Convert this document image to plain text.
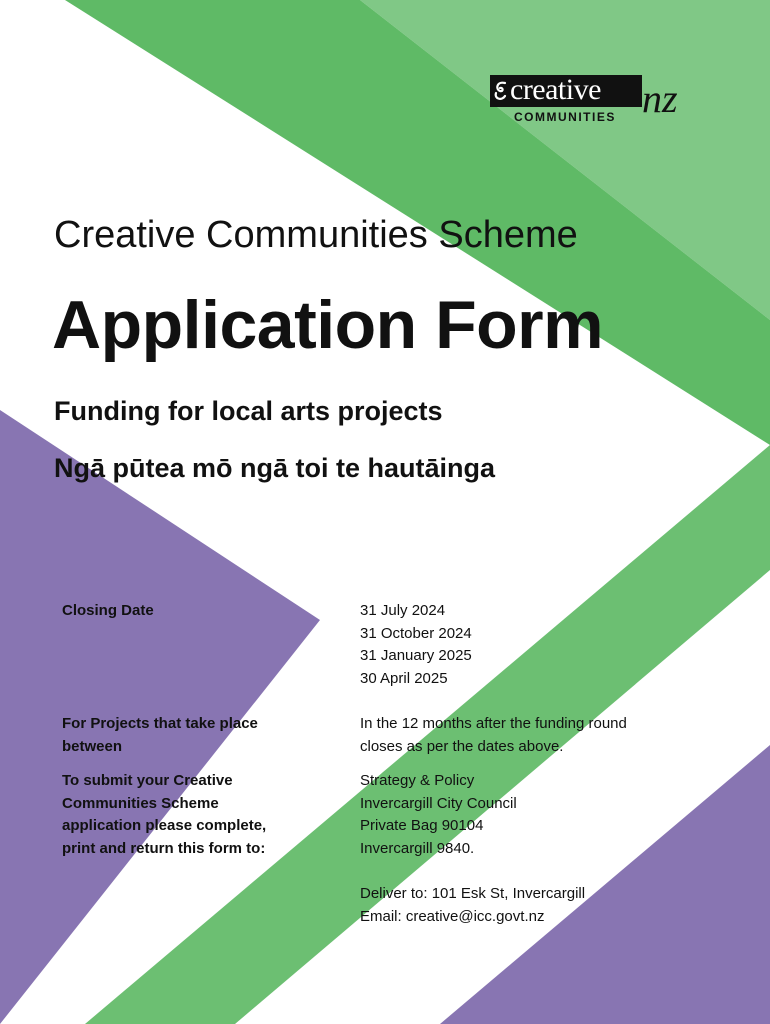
creative nz
COMMUNITIES
Creative Communities Scheme
Application Form
Funding for local arts projects
Ngā pūtea mō ngā toi te hautāinga
Closing Date	31 July 2024
31 October 2024
31 January 2025
30 April 2025
For Projects that take place
between
In the 12 months after the funding round
closes as per the dates above.
To submit your Creative
Communities Scheme
application please complete,
print and return this form to:
Strategy & Policy
Invercargill City Council
Private Bag 90104
Invercargill 9840.
Deliver to: 101 Esk St, Invercargill
Email: creative@icc.govt.nz
